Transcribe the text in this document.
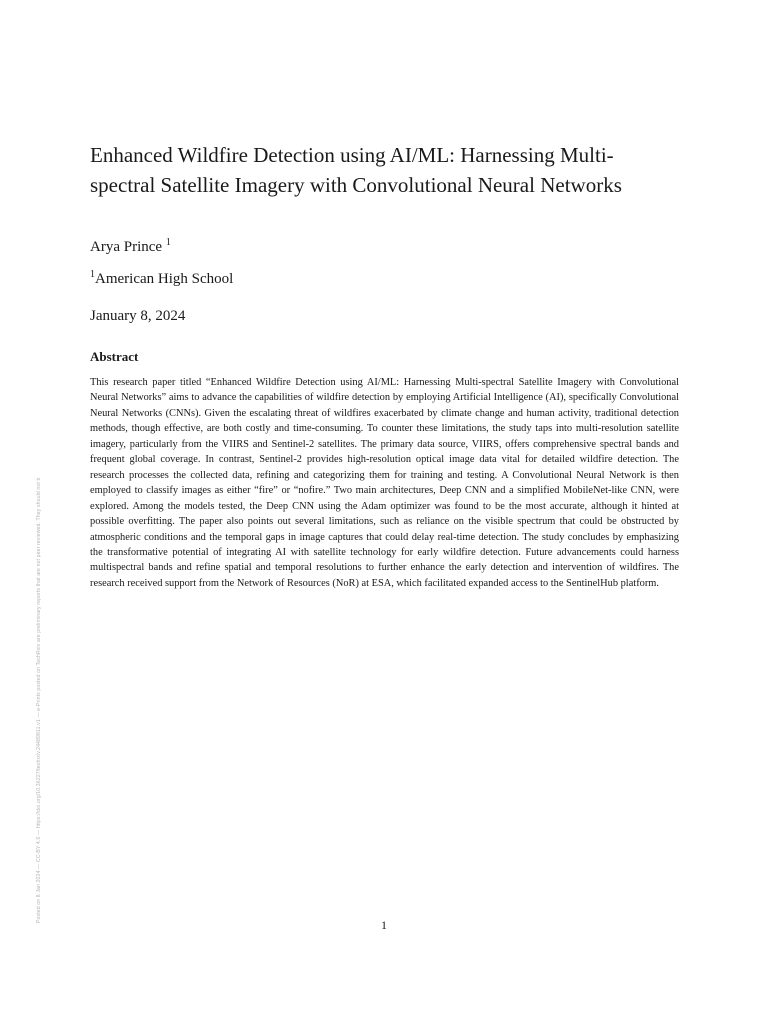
Enhanced Wildfire Detection using AI/ML: Harnessing Multi-spectral Satellite Imagery with Convolutional Neural Networks

Arya Prince $^1$

$^1$American High School

January 8, 2024

Abstract

This research paper titled “Enhanced Wildfire Detection using AI/ML: Harnessing Multi-spectral Satellite Imagery with Convolutional Neural Networks” aims to advance the capabilities of wildfire detection by employing Artificial Intelligence (AI), specifically Convolutional Neural Networks (CNNs). Given the escalating threat of wildfires exacerbated by climate change and human activity, traditional detection methods, though effective, are both costly and time-consuming. To counter these limitations, the study taps into multi-resolution satellite imagery, particularly from the VIIRS and Sentinel-2 satellites. The primary data source, VIIRS, offers comprehensive spectral bands and frequent global coverage. In contrast, Sentinel-2 provides high-resolution optical image data vital for detailed wildfire detection. The research processes the collected data, refining and categorizing them for training and testing. A Convolutional Neural Network is then employed to classify images as either “fire” or “nofire.” Two main architectures, Deep CNN and a simplified MobileNet-like CNN, were explored. Among the models tested, the Deep CNN using the Adam optimizer was found to be the most accurate, although it hinted at possible overfitting. The paper also points out several limitations, such as reliance on the visible spectrum that could be obstructed by atmospheric conditions and the temporal gaps in image captures that could delay real-time detection. The study concludes by emphasizing the transformative potential of integrating AI with satellite technology for early wildfire detection. Future advancements could harness multispectral bands and refine spatial and temporal resolutions to further enhance the early detection and intervention of wildfires. The research received support from the Network of Resources (NoR) at ESA, which facilitated expanded access to the SentinelHub platform.

1

Posted on 8 Jan 2024 — CC-BY 4.0 — https://doi.org/10.36227/techrxiv.24489811.v1 — e-Prints posted on TechRxiv are preliminary reports that are not peer reviewed. They should not b
